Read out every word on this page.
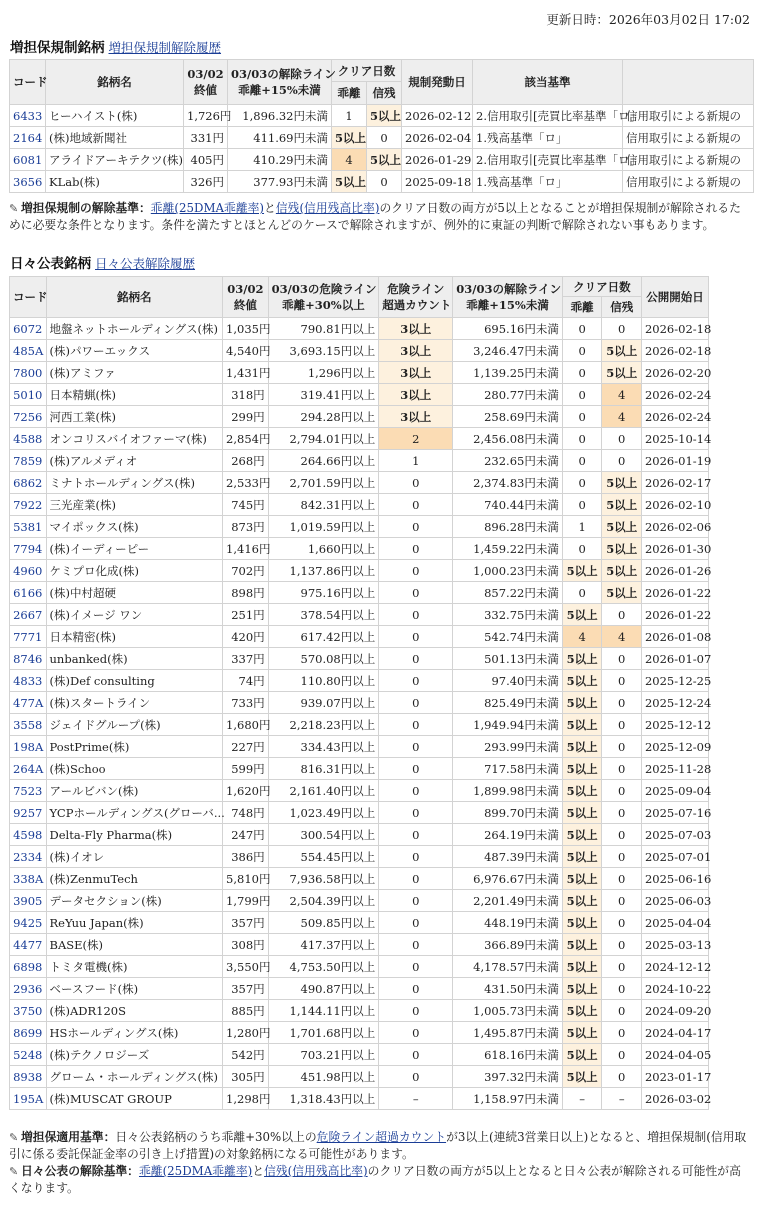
更新日時：2026年03月02日 17:02
増担保規制銘柄 増担保規制解除履歴
コード	銘柄名	03/02
終値	03/03の解除ライン
乖離+15%未満	クリア日数		規制発動日	該当基準	
				乖離	信残			
6433	ヒーハイスト(株)	1,726円	1,896.32円未満	1	5以上	2026-02-12	2.信用取引[売買比率基準「ロ」	信用取引による新規の
2164	(株)地域新聞社	331円	411.69円未満	5以上	0	2026-02-04	1.残高基準「ロ」	信用取引による新規の
6081	アライドアーキテクツ(株)	405円	410.29円未満	4	5以上	2026-01-29	2.信用取引[売買比率基準「ロ」	信用取引による新規の
3656	KLab(株)	326円	377.93円未満	5以上	0	2025-09-18	1.残高基準「ロ」	信用取引による新規の
✎ 増担保規制の解除基準：乖離(25DMA乖離率)と信残(信用残高比率)のクリア日数の両方が5以上となることが増担保規制が解除されるために必要な条件となります。条件を満たすとほとんどのケースで解除されますが、例外的に東証の判断で解除されない事もあります。
日々公表銘柄 日々公表解除履歴
コード	銘柄名	03/02
終値	03/03の危険ライン
乖離+30%以上	危険ライン
超過カウント	03/03の解除ライン
乖離+15%未満	クリア日数		公開開始日
						乖離	信残	
6072	地盤ネットホールディングス(株)	1,035円	790.81円以上	3以上	695.16円未満	0	0	2026-02-18
485A	(株)パワーエックス	4,540円	3,693.15円以上	3以上	3,246.47円未満	0	5以上	2026-02-18
7800	(株)アミファ	1,431円	1,296円以上	3以上	1,139.25円未満	0	5以上	2026-02-20
5010	日本精蝋(株)	318円	319.41円以上	3以上	280.77円未満	0	4	2026-02-24
7256	河西工業(株)	299円	294.28円以上	3以上	258.69円未満	0	4	2026-02-24
4588	オンコリスバイオファーマ(株)	2,854円	2,794.01円以上	2	2,456.08円未満	0	0	2025-10-14
7859	(株)アルメディオ	268円	264.66円以上	1	232.65円未満	0	0	2026-01-19
6862	ミナトホールディングス(株)	2,533円	2,701.59円以上	0	2,374.83円未満	0	5以上	2026-02-17
7922	三光産業(株)	745円	842.31円以上	0	740.44円未満	0	5以上	2026-02-10
5381	マイポックス(株)	873円	1,019.59円以上	0	896.28円未満	1	5以上	2026-02-06
7794	(株)イーディーピー	1,416円	1,660円以上	0	1,459.22円未満	0	5以上	2026-01-30
4960	ケミプロ化成(株)	702円	1,137.86円以上	0	1,000.23円未満	5以上	5以上	2026-01-26
6166	(株)中村超硬	898円	975.16円以上	0	857.22円未満	0	5以上	2026-01-22
2667	(株)イメージ ワン	251円	378.54円以上	0	332.75円未満	5以上	0	2026-01-22
7771	日本精密(株)	420円	617.42円以上	0	542.74円未満	4	4	2026-01-08
8746	unbanked(株)	337円	570.08円以上	0	501.13円未満	5以上	0	2026-01-07
4833	(株)Def consulting	74円	110.80円以上	0	97.40円未満	5以上	0	2025-12-25
477A	(株)スタートライン	733円	939.07円以上	0	825.49円未満	5以上	0	2025-12-24
3558	ジェイドグループ(株)	1,680円	2,218.23円以上	0	1,949.94円未満	5以上	0	2025-12-12
198A	PostPrime(株)	227円	334.43円以上	0	293.99円未満	5以上	0	2025-12-09
264A	(株)Schoo	599円	816.31円以上	0	717.58円未満	5以上	0	2025-11-28
7523	アールビバン(株)	1,620円	2,161.40円以上	0	1,899.98円未満	5以上	0	2025-09-04
9257	YCPホールディングス(グローバ...	748円	1,023.49円以上	0	899.70円未満	5以上	0	2025-07-16
4598	Delta-Fly Pharma(株)	247円	300.54円以上	0	264.19円未満	5以上	0	2025-07-03
2334	(株)イオレ	386円	554.45円以上	0	487.39円未満	5以上	0	2025-07-01
338A	(株)ZenmuTech	5,810円	7,936.58円以上	0	6,976.67円未満	5以上	0	2025-06-16
3905	データセクション(株)	1,799円	2,504.39円以上	0	2,201.49円未満	5以上	0	2025-06-03
9425	ReYuu Japan(株)	357円	509.85円以上	0	448.19円未満	5以上	0	2025-04-04
4477	BASE(株)	308円	417.37円以上	0	366.89円未満	5以上	0	2025-03-13
6898	トミタ電機(株)	3,550円	4,753.50円以上	0	4,178.57円未満	5以上	0	2024-12-12
2936	ベースフード(株)	357円	490.87円以上	0	431.50円未満	5以上	0	2024-10-22
3750	(株)ADR120S	885円	1,144.11円以上	0	1,005.73円未満	5以上	0	2024-09-20
8699	HSホールディングス(株)	1,280円	1,701.68円以上	0	1,495.87円未満	5以上	0	2024-04-17
5248	(株)テクノロジーズ	542円	703.21円以上	0	618.16円未満	5以上	0	2024-04-05
8938	グローム・ホールディングス(株)	305円	451.98円以上	0	397.32円未満	5以上	0	2023-01-17
195A	(株)MUSCAT GROUP	1,298円	1,318.43円以上	–	1,158.97円未満	–	–	2026-03-02
✎ 増担保適用基準：日々公表銘柄のうち乖離+30%以上の危険ライン超過カウントが3以上(連続3営業日以上)となると、増担保規制(信用取引に係る委託保証金率の引き上げ措置)の対象銘柄になる可能性があります。
✎ 日々公表の解除基準：乖離(25DMA乖離率)と信残(信用残高比率)のクリア日数の両方が5以上となると日々公表が解除される可能性が高くなります。
